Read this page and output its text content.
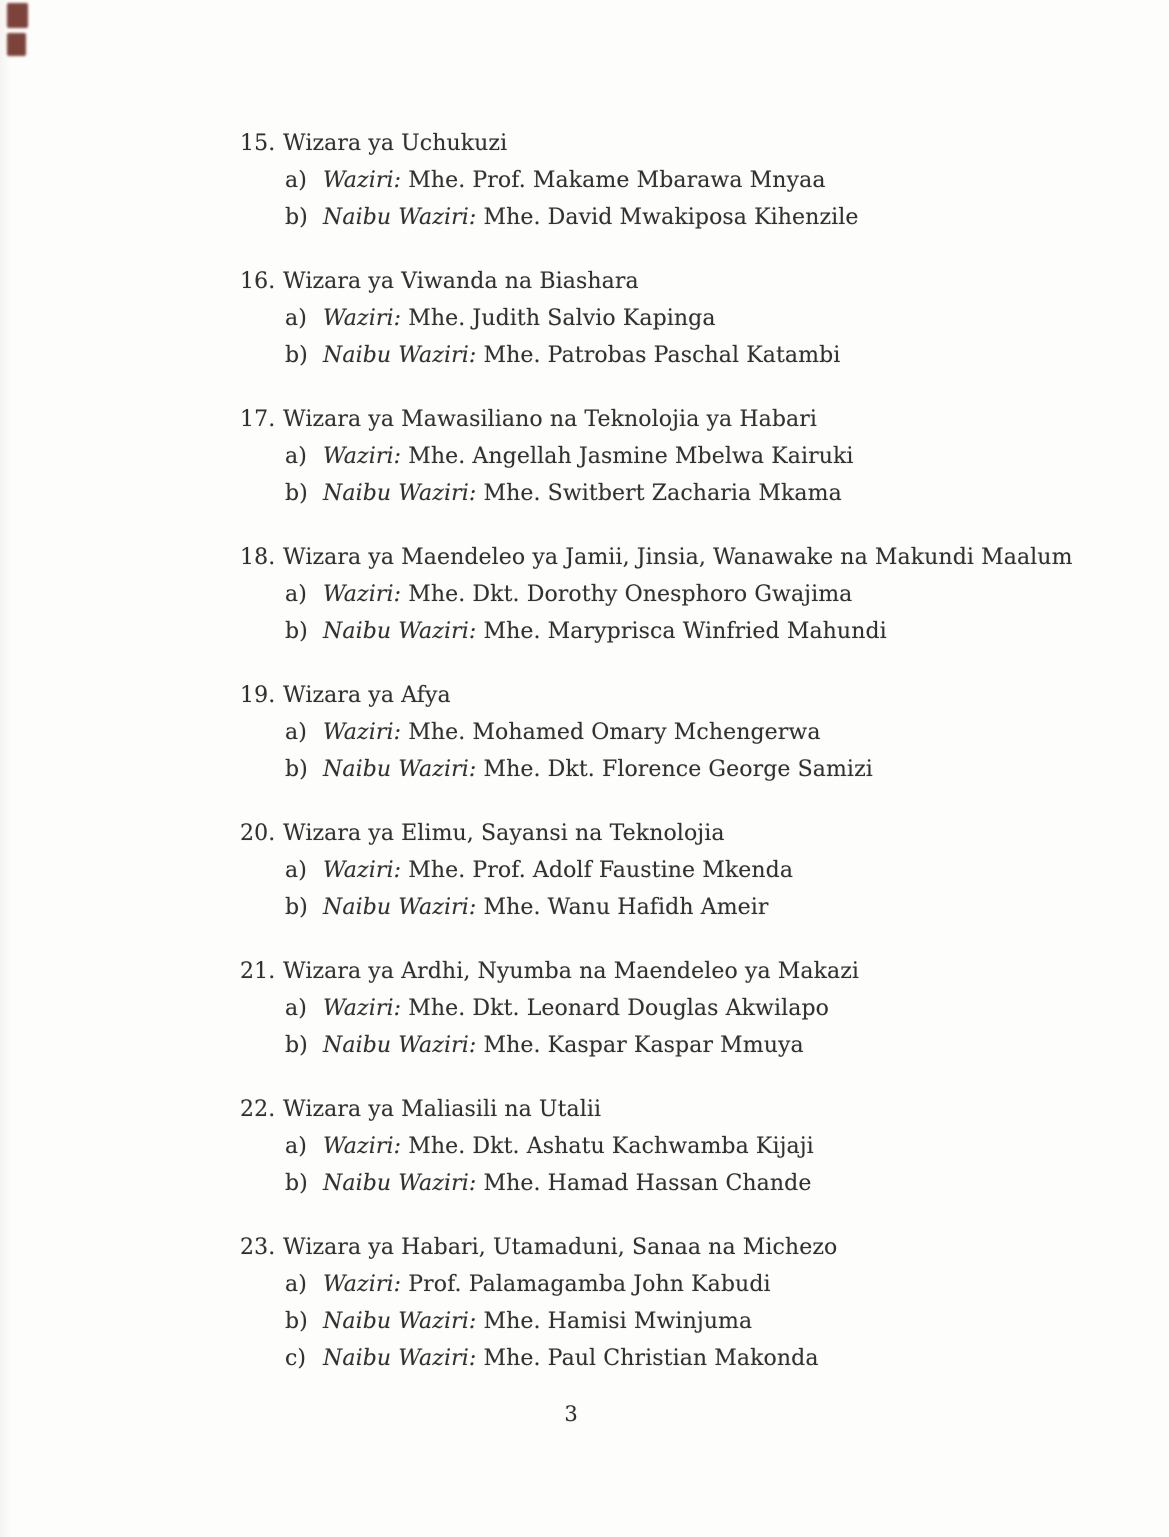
15. Wizara ya Uchukuzi
a) Waziri: Mhe. Prof. Makame Mbarawa Mnyaa
b) Naibu Waziri: Mhe. David Mwakiposa Kihenzile
16. Wizara ya Viwanda na Biashara
a) Waziri: Mhe. Judith Salvio Kapinga
b) Naibu Waziri: Mhe. Patrobas Paschal Katambi
17. Wizara ya Mawasiliano na Teknolojia ya Habari
a) Waziri: Mhe. Angellah Jasmine Mbelwa Kairuki
b) Naibu Waziri: Mhe. Switbert Zacharia Mkama
18. Wizara ya Maendeleo ya Jamii, Jinsia, Wanawake na Makundi Maalum
a) Waziri: Mhe. Dkt. Dorothy Onesphoro Gwajima
b) Naibu Waziri: Mhe. Maryprisca Winfried Mahundi
19. Wizara ya Afya
a) Waziri: Mhe. Mohamed Omary Mchengerwa
b) Naibu Waziri: Mhe. Dkt. Florence George Samizi
20. Wizara ya Elimu, Sayansi na Teknolojia
a) Waziri: Mhe. Prof. Adolf Faustine Mkenda
b) Naibu Waziri: Mhe. Wanu Hafidh Ameir
21. Wizara ya Ardhi, Nyumba na Maendeleo ya Makazi
a) Waziri: Mhe. Dkt. Leonard Douglas Akwilapo
b) Naibu Waziri: Mhe. Kaspar Kaspar Mmuya
22. Wizara ya Maliasili na Utalii
a) Waziri: Mhe. Dkt. Ashatu Kachwamba Kijaji
b) Naibu Waziri: Mhe. Hamad Hassan Chande
23. Wizara ya Habari, Utamaduni, Sanaa na Michezo
a) Waziri: Prof. Palamagamba John Kabudi
b) Naibu Waziri: Mhe. Hamisi Mwinjuma
c) Naibu Waziri: Mhe. Paul Christian Makonda
3
